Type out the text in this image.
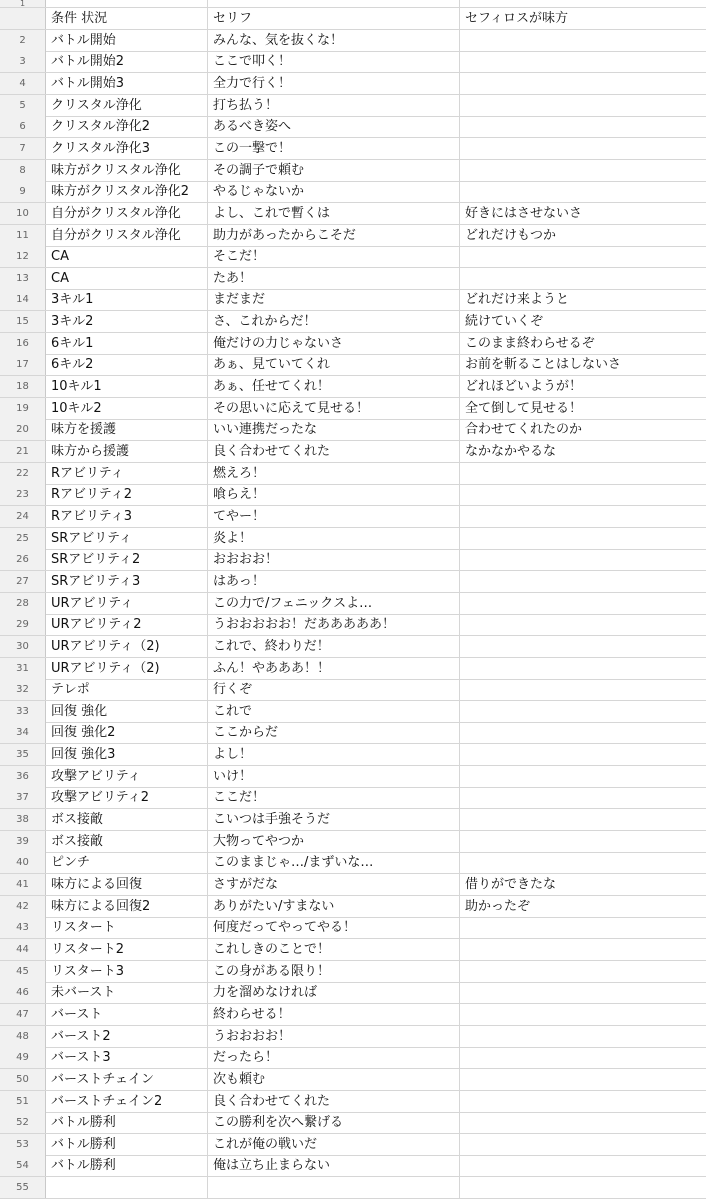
1
条件 状況	セリフ	セフィロスが味方
2	バトル開始	みんな、気を抜くな！
3	バトル開始2	ここで叩く！
4	バトル開始3	全力で行く！
5	クリスタル浄化	打ち払う！
6	クリスタル浄化2	あるべき姿へ
7	クリスタル浄化3	この一撃で！
8	味方がクリスタル浄化	その調子で頼む
9	味方がクリスタル浄化2	やるじゃないか
10	自分がクリスタル浄化	よし、これで暫くは	好きにはさせないさ
11	自分がクリスタル浄化	助力があったからこそだ	どれだけもつか
12	CA	そこだ！
13	CA	たあ！
14	3キル1	まだまだ	どれだけ来ようと
15	3キル2	さ、これからだ！	続けていくぞ
16	6キル1	俺だけの力じゃないさ	このまま終わらせるぞ
17	6キル2	あぁ、見ていてくれ	お前を斬ることはしないさ
18	10キル1	あぁ、任せてくれ！	どれほどいようが！
19	10キル2	その思いに応えて見せる！	全て倒して見せる！
20	味方を援護	いい連携だったな	合わせてくれたのか
21	味方から援護	良く合わせてくれた	なかなかやるな
22	Rアビリティ	燃えろ！
23	Rアビリティ2	喰らえ！
24	Rアビリティ3	てやー！
25	SRアビリティ	炎よ！
26	SRアビリティ2	おおおお！
27	SRアビリティ3	はあっ！
28	URアビリティ	この力で/フェニックスよ…
29	URアビリティ2	うおおおおお！だあああああ！
30	URアビリティ（2)	これで、終わりだ！
31	URアビリティ（2)	ふん！やあああ！！
32	テレポ	行くぞ
33	回復 強化	これで
34	回復 強化2	ここからだ
35	回復 強化3	よし！
36	攻撃アビリティ	いけ！
37	攻撃アビリティ2	ここだ！
38	ボス接敵	こいつは手強そうだ
39	ボス接敵	大物ってやつか
40	ピンチ	このままじゃ…/まずいな…
41	味方による回復	さすがだな	借りができたな
42	味方による回復2	ありがたい/すまない	助かったぞ
43	リスタート	何度だってやってやる！
44	リスタート2	これしきのことで！
45	リスタート3	この身がある限り！
46	未バースト	力を溜めなければ
47	バースト	終わらせる！
48	バースト2	うおおおお！
49	バースト3	だったら！
50	バーストチェイン	次も頼む
51	バーストチェイン2	良く合わせてくれた
52	バトル勝利	この勝利を次へ繋げる
53	バトル勝利	これが俺の戦いだ
54	バトル勝利	俺は立ち止まらない
55
